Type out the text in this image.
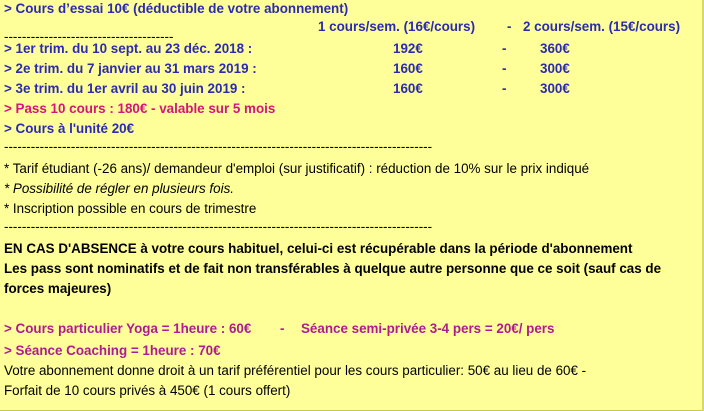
> Cours d’essai 10€ (déductible de votre abonnement)
1 cours/sem. (16€/cours) - 2 cours/sem. (15€/cours)
--------------------------------------
> 1er trim. du 10 sept. au 23 déc. 2018 :	192€	-	360€
> 2e trim. du 7 janvier au 31 mars 2019 :	160€	-	300€
> 3e trim. du 1er avril au 30 juin 2019 :	160€	-	300€
> Pass 10 cours : 180€ - valable sur 5 mois
> Cours à l'unité 20€
------------------------------------------------------------------------------------------------
* Tarif étudiant (-26 ans)/ demandeur d'emploi (sur justificatif) : réduction de 10% sur le prix indiqué
* Possibilité de régler en plusieurs fois.
* Inscription possible en cours de trimestre
------------------------------------------------------------------------------------------------
EN CAS D'ABSENCE à votre cours habituel, celui-ci est récupérable dans la période d'abonnement
Les pass sont nominatifs et de fait non transférables à quelque autre personne que ce soit (sauf cas de
forces majeures)
> Cours particulier Yoga = 1heure : 60€ - Séance semi-privée 3-4 pers = 20€/ pers
> Séance Coaching = 1heure : 70€
Votre abonnement donne droit à un tarif préférentiel pour les cours particulier: 50€ au lieu de 60€ -
Forfait de 10 cours privés à 450€ (1 cours offert)
